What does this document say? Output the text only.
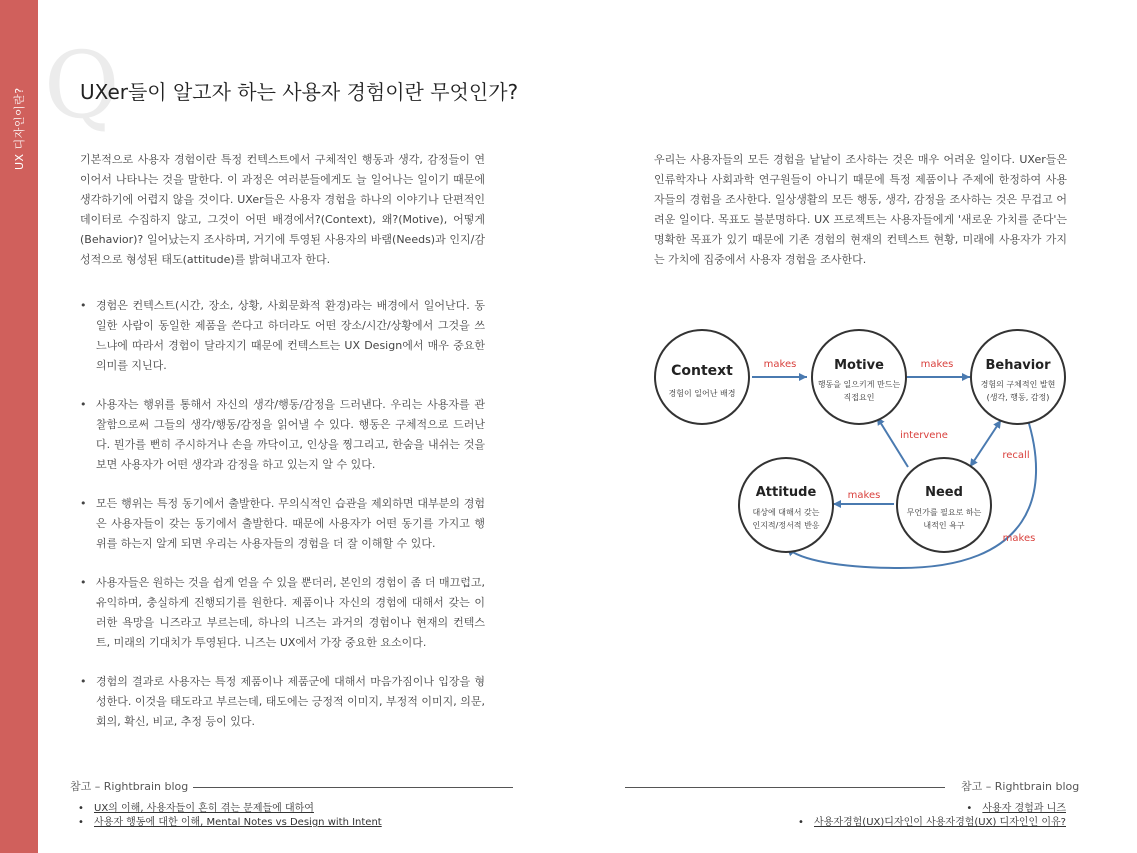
UX 디자인이란? Q
UXer들이 알고자 하는 사용자 경험이란 무엇인가?

기본적으로 사용자 경험이란 특정 컨텍스트에서 구체적인 행동과 생각, 감정들이 연이어서 나타나는 것을 말한다. 이 과정은 여러분들에게도 늘 일어나는 일이기 때문에 생각하기에 어렵지 않을 것이다. UXer들은 사용자 경험을 하나의 이야기나 단편적인 데이터로 수집하지 않고, 그것이 어떤 배경에서?(Context), 왜?(Motive), 어떻게(Behavior)? 일어났는지 조사하며, 거기에 투영된 사용자의 바램(Needs)과 인지/감성적으로 형성된 태도(attitude)를 밝혀내고자 한다.

• 경험은 컨텍스트(시간, 장소, 상황, 사회문화적 환경)라는 배경에서 일어난다. 동일한 사람이 동일한 제품을 쓴다고 하더라도 어떤 장소/시간/상황에서 그것을 쓰느냐에 따라서 경험이 달라지기 때문에 컨텍스트는 UX Design에서 매우 중요한 의미를 지닌다.
• 사용자는 행위를 통해서 자신의 생각/행동/감정을 드러낸다. 우리는 사용자를 관찰함으로써 그들의 생각/행동/감정을 읽어낼 수 있다. 행동은 구체적으로 드러난다. 뭔가를 뻔히 주시하거나 손을 까닥이고, 인상을 찡그리고, 한숨을 내쉬는 것을 보면 사용자가 어떤 생각과 감정을 하고 있는지 알 수 있다.
• 모든 행위는 특정 동기에서 출발한다. 무의식적인 습관을 제외하면 대부분의 경험은 사용자들이 갖는 동기에서 출발한다. 때문에 사용자가 어떤 동기를 가지고 행위를 하는지 알게 되면 우리는 사용자들의 경험을 더 잘 이해할 수 있다.
• 사용자들은 원하는 것을 쉽게 얻을 수 있을 뿐더러, 본인의 경험이 좀 더 매끄럽고, 유익하며, 충실하게 진행되기를 원한다. 제품이나 자신의 경험에 대해서 갖는 이러한 욕망을 니즈라고 부르는데, 하나의 니즈는 과거의 경험이나 현재의 컨텍스트, 미래의 기대치가 투영된다. 니즈는 UX에서 가장 중요한 요소이다.
• 경험의 결과로 사용자는 특정 제품이나 제품군에 대해서 마음가짐이나 입장을 형성한다. 이것을 태도라고 부르는데, 태도에는 긍정적 이미지, 부정적 이미지, 의문, 회의, 확신, 비교, 추정 등이 있다.

우리는 사용자들의 모든 경험을 낱낱이 조사하는 것은 매우 어려운 일이다. UXer들은 인류학자나 사회과학 연구원들이 아니기 때문에 특정 제품이나 주제에 한정하여 사용자들의 경험을 조사한다. 일상생활의 모든 행동, 생각, 감정을 조사하는 것은 무겁고 어려운 일이다. 목표도 불분명하다. UX 프로젝트는 사용자들에게 '새로운 가치를 준다'는 명확한 목표가 있기 때문에 기존 경험의 현재의 컨텍스트 현황, 미래에 사용자가 가지는 가치에 집중에서 사용자 경험을 조사한다.

makes	makes
intervene
recall
makes
makes
Context
경험이 일어난 배경
Motive
행동을 일으키게 만드는
직접요인
Behavior
경험의 구체적인 발현
(생각, 행동, 감정)
Need
무언가를 필요로 하는
내적인 욕구
Attitude
대상에 대해서 갖는
인지적/정서적 반응
참고 – Rightbrain blog
• UX의 이해, 사용자들이 흔히 겪는 문제들에 대하여
• 사용자 행동에 대한 이해, Mental Notes vs Design with Intent
참고 – Rightbrain blog
• 사용자 경험과 니즈
• 사용자경험(UX)디자인이 사용자경험(UX) 디자인인 이유?
